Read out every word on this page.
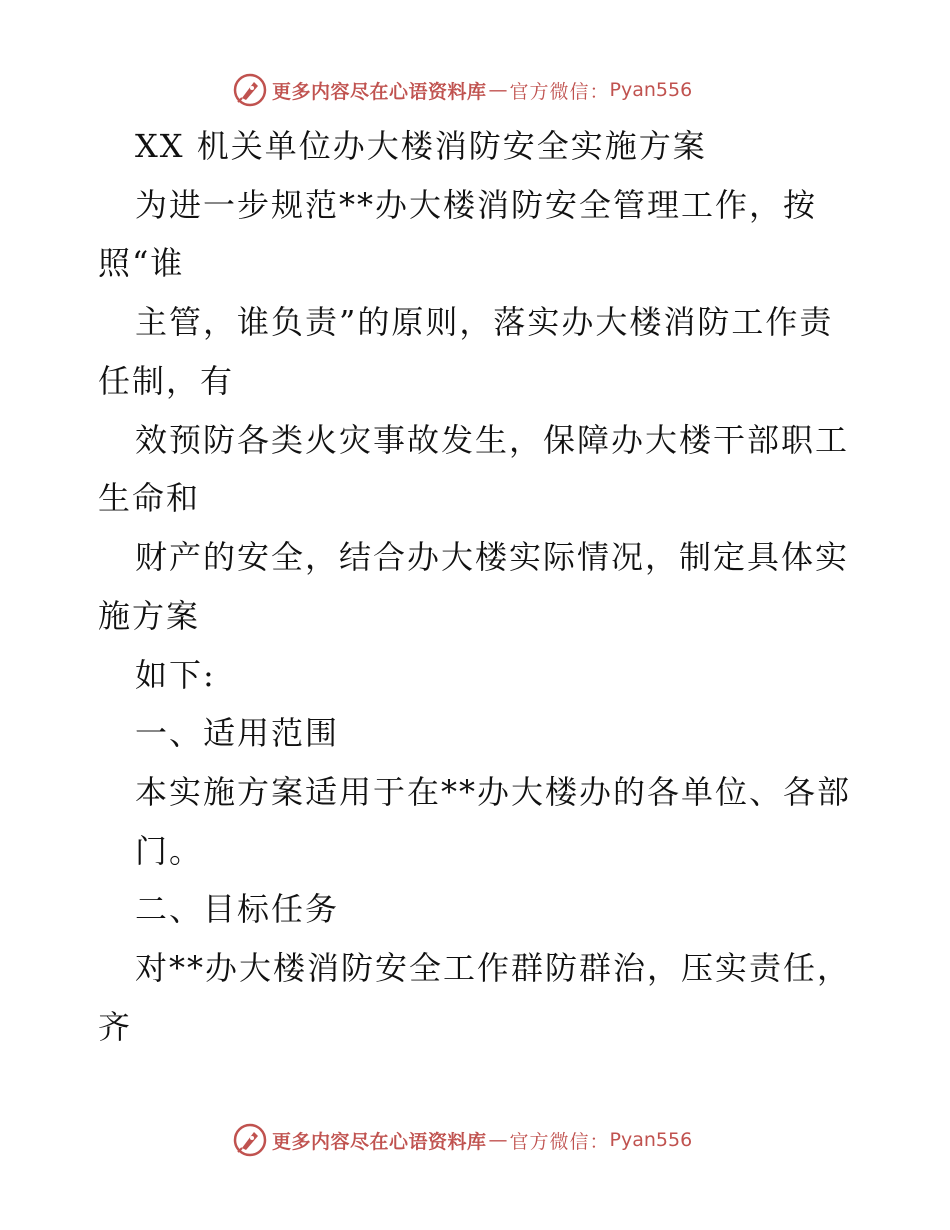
更多内容尽在心语资料库 — 官方微信： Pyan556
XX 机关单位办大楼消防安全实施方案
为进一步规范**办大楼消防安全管理工作，按
照“谁
主管，谁负责”的原则，落实办大楼消防工作责
任制，有
效预防各类火灾事故发生，保障办大楼干部职工
生命和
财产的安全，结合办大楼实际情况，制定具体实
施方案
如下:
一、适用范围
本实施方案适用于在**办大楼办的各单位、各部
门。
二、目标任务
对**办大楼消防安全工作群防群治，压实责任，
齐
更多内容尽在心语资料库 — 官方微信： Pyan556
